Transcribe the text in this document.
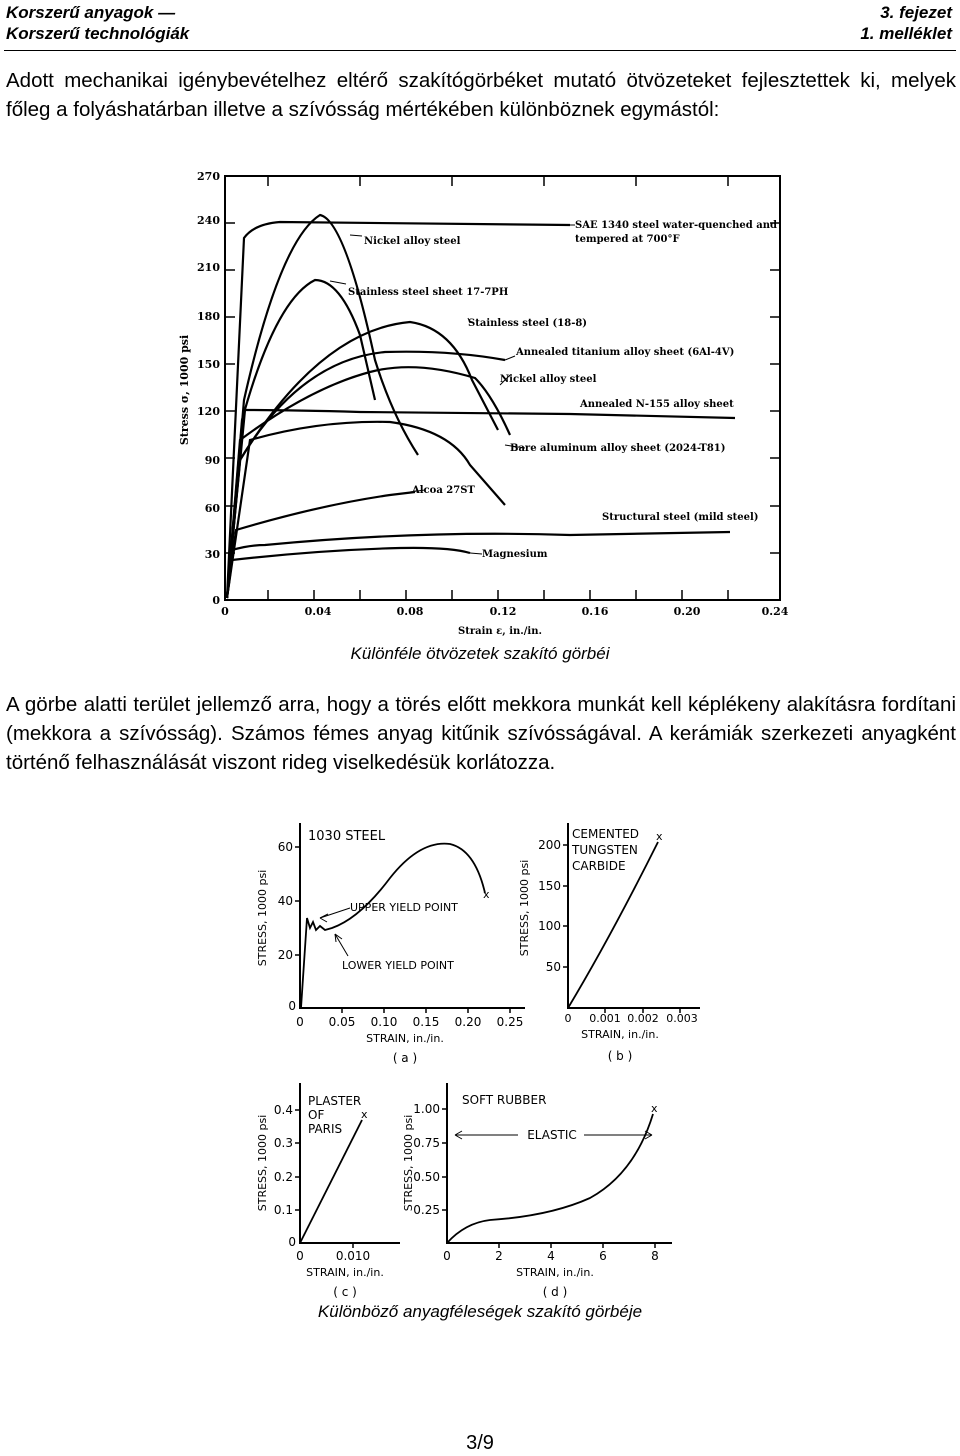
Korszerű anyagok —
Korszerű technológiák
3. fejezet
1. melléklet
Adott mechanikai igénybevételhez eltérő szakítógörbéket mutató ötvözeteket fejlesztettek ki, melyek főleg a folyáshatárban illetve a szívósság mértékében különböznek egymástól:
270
240
210
180
150
120
90
60
30
0
0	0.04	0.08	0.12	0.16	0.20	0.24
Stress σ, 1000 psi
Strain ε, in./in.
SAE 1340 steel water-quenched and
tempered at 700°F
Nickel alloy steel
Stainless steel sheet 17-7PH
Stainless steel (18-8)
Annealed titanium alloy sheet (6Al-4V)
Nickel alloy steel
Annealed N-155 alloy sheet
Bare aluminum alloy sheet (2024-T81)
Alcoa 27ST
Structural steel (mild steel)
Magnesium
Különféle ötvözetek szakító görbéi
A görbe alatti terület jellemző arra, hogy a törés előtt mekkora munkát kell képlékeny alakításra fordítani (mekkora a szívósság). Számos fémes anyag kitűnik szívósságával. A kerámiák szerkezeti anyagként történő felhasználását viszont rideg viselkedésük korlátozza.
60
40
20
0
0 0.05 0.10 0.15 0.20 0.25
STRESS, 1000 psi
STRAIN, in./in.
( a )
1030 STEEL
x
UPPER YIELD POINT
LOWER YIELD POINT
200
150
100
50
0 0.001 0.002 0.003
STRESS, 1000 psi
STRAIN, in./in.
( b )
CEMENTED
TUNGSTEN
CARBIDE
x
0.4
0.3
0.2
0.1
0
0	0.010
STRESS, 1000 psi
STRAIN, in./in.
( c )
PLASTER
OF
PARIS
x	1.00
0.75
0.50
0.25
0	2	4	6	8
STRESS, 1000 psi
STRAIN, in./in.
( d )
SOFT RUBBER
x
ELASTIC
Különböző anyagféleségek szakító görbéje
3/9
